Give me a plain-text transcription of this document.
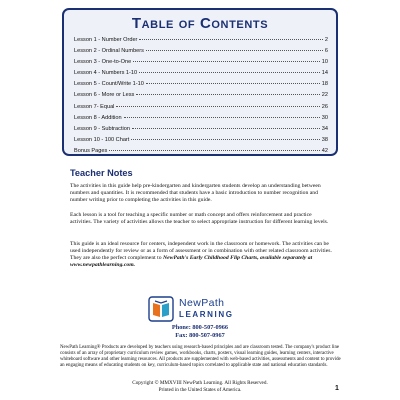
Table of Contents
Lesson 1 - Number Order	2
Lesson 2 - Ordinal Numbers	6
Lesson 3 - One-to-One	10
Lesson 4 - Numbers 1-10	14
Lesson 5 - Count/Write 1-10	18
Lesson 6 - More or Less	22
Lesson 7- Equal	26
Lesson 8 - Addition	30
Lesson 9 - Subtraction	34
Lesson 10 - 100 Chart	38
Bonus Pages	42
Teacher Notes

The activities in this guide help pre-kindergarten and kindergarten students develop an understanding between numbers and quantities. It is recommended that students have a basic introduction to number recognition and number writing prior to completing the activities in this guide.

Each lesson is a tool for teaching a specific number or math concept and offers reinforcement and practice activities. The variety of activities allows the teacher to select appropriate instruction for different learning levels.

This guide is an ideal resource for centers, independent work in the classroom or homework. The activities can be used independently for review or as a form of assessment or in combination with other related classroom activities. They are also the perfect complement to NewPath's Early Childhood Flip Charts, available separately at www.newpathlearning.com.

NewPath
LEARNING
Phone: 800-507-0966
Fax: 800-507-0967

NewPath Learning® Products are developed by teachers using research-based principles and are classroom tested. The company's product line consists of an array of proprietary curriculum review games, workbooks, charts, posters, visual learning guides, learning centers, interactive whiteboard software and other learning resources. All products are supplemented with web-based activities, assessments and content to provide an engaging means of educating students on key, curriculum-based topics correlated to applicable state and national education standards.

Copyright © MMXVIII NewPath Learning. All Rights Reserved.
Printed in the United States of America.	1
